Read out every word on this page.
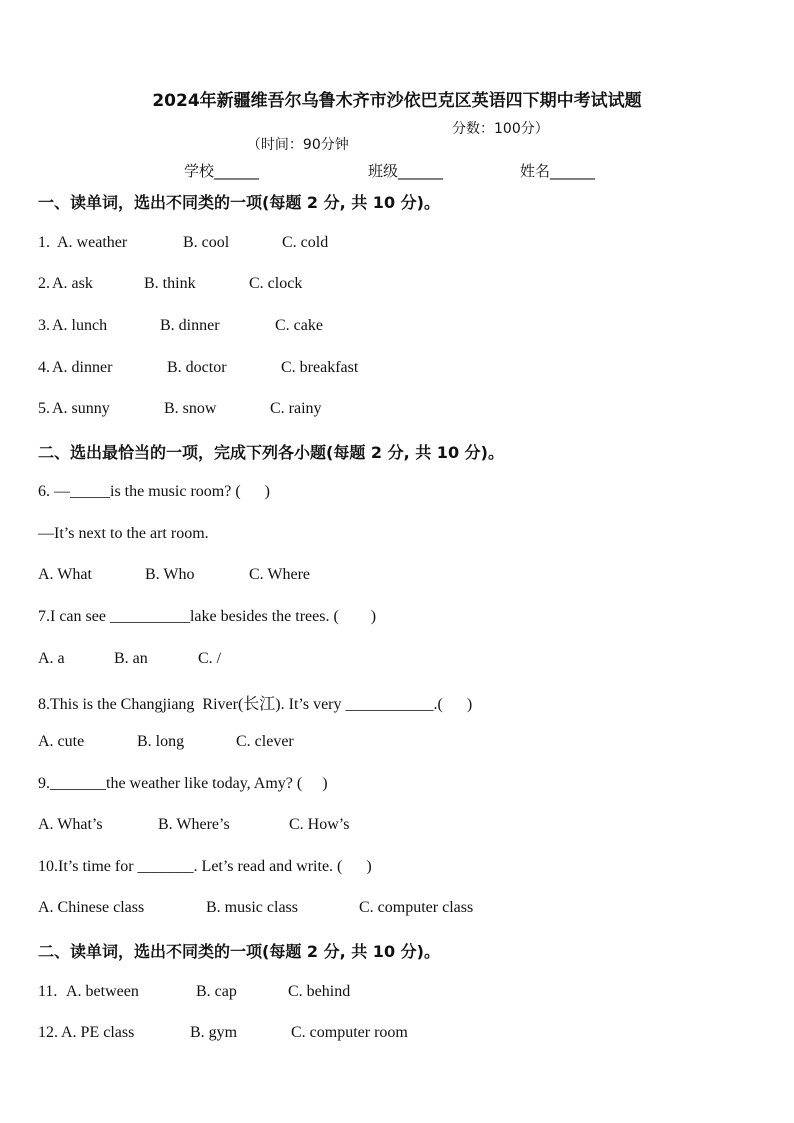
2024年新疆维吾尔乌鲁木齐市沙依巴克区英语四下期中考试试题

（时间：90分钟

分数：100分）

学校______	班级______	姓名______
一、读单词，选出不同类的一项(每题 2 分, 共 10 分)。
1. A. weather	B. cool	C. cold
2. A. ask	B. think	C. clock
3. A. lunch	B. dinner	C. cake
4. A. dinner	B. doctor	C. breakfast
5. A. sunny	B. snow	C. rainy
二、选出最恰当的一项，完成下列各小题(每题 2 分, 共 10 分)。
6. —_____is the music room? (      )
—It’s next to the art room.
A. What	B. Who	C. Where
7.I can see __________lake besides the trees. (        )
A. a	B. an	C. /
8.This is the Changjiang  River(长江). It’s very ___________.(      )
A. cute	B. long	C. clever
9._______the weather like today, Amy? (     )
A. What’s	B. Where’s	C. How’s
10.It’s time for _______. Let’s read and write. (      )
A. Chinese class	B. music class	C. computer class
二、读单词，选出不同类的一项(每题 2 分, 共 10 分)。
11. A. between	B. cap	C. behind
12. A. PE class	B. gym	C. computer room
